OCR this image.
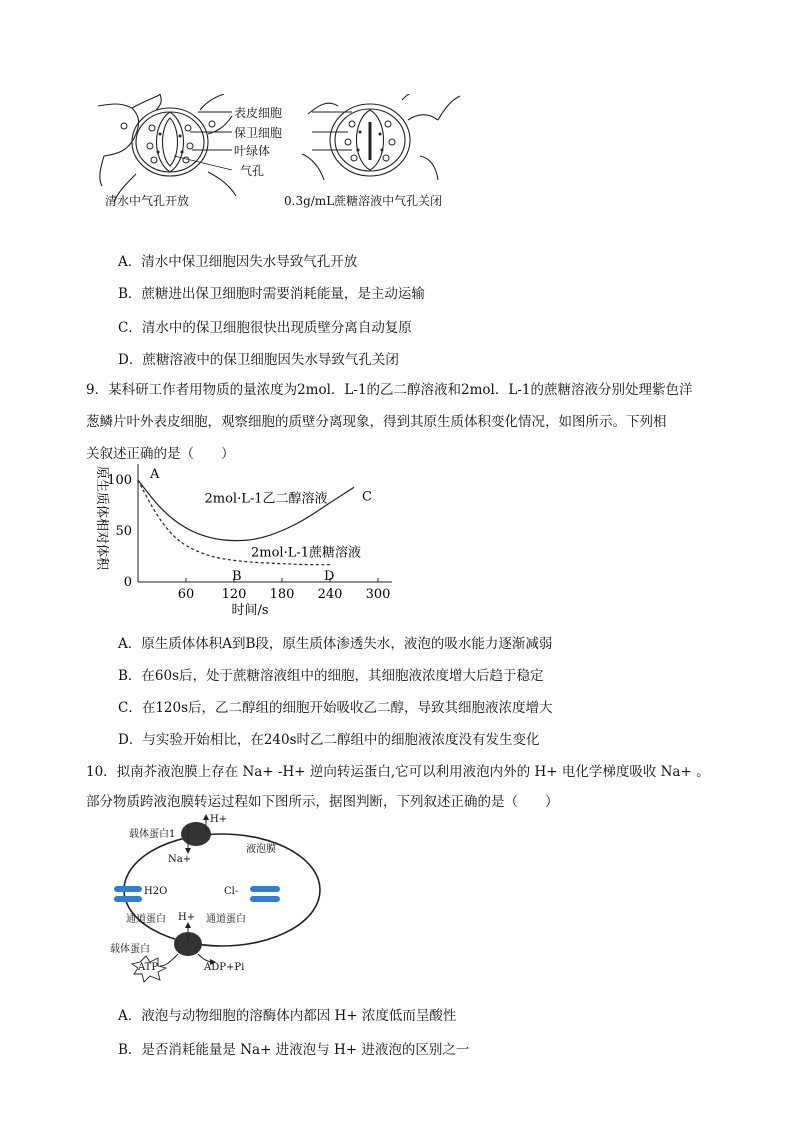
表皮细胞
保卫细胞
叶绿体
气孔
清水中气孔开放	0.3g/mL蔗糖溶液中气孔关闭
A．清水中保卫细胞因失水导致气孔开放
B．蔗糖进出保卫细胞时需要消耗能量，是主动运输
C．清水中的保卫细胞很快出现质壁分离自动复原
D．蔗糖溶液中的保卫细胞因失水导致气孔关闭
9．某科研工作者用物质的量浓度为2mol．L-1的乙二醇溶液和2mol．L-1的蔗糖溶液分别处理紫色洋
葱鳞片叶外表皮细胞，观察细胞的质壁分离现象，得到其原生质体积变化情况，如图所示。下列相
关叙述正确的是（　　）
60 120 180 240 300
0
50
100
时间/s
原生质体相对体积	2mol·L-1乙二醇溶液
2mol·L-1蔗糖溶液
A
B
C
D
A．原生质体体积A到B段，原生质体渗透失水，液泡的吸水能力逐渐减弱
B．在60s后，处于蔗糖溶液组中的细胞，其细胞液浓度增大后趋于稳定
C．在120s后，乙二醇组的细胞开始吸收乙二醇，导致其细胞液浓度增大
D．与实验开始相比，在240s时乙二醇组中的细胞液浓度没有发生变化
10．拟南芥液泡膜上存在 Na+ -H+ 逆向转运蛋白,它可以利用液泡内外的 H+ 电化学梯度吸收 Na+ 。
部分物质跨液泡膜转运过程如下图所示，据图判断，下列叙述正确的是（　　）
载体蛋白1
H+
Na+
液泡膜
H2O	Cl-
通道蛋白	通道蛋白
H+
载体蛋白
ATP	ADP+Pi
A．液泡与动物细胞的溶酶体内都因 H+ 浓度低而呈酸性
B．是否消耗能量是 Na+ 进液泡与 H+ 进液泡的区别之一
